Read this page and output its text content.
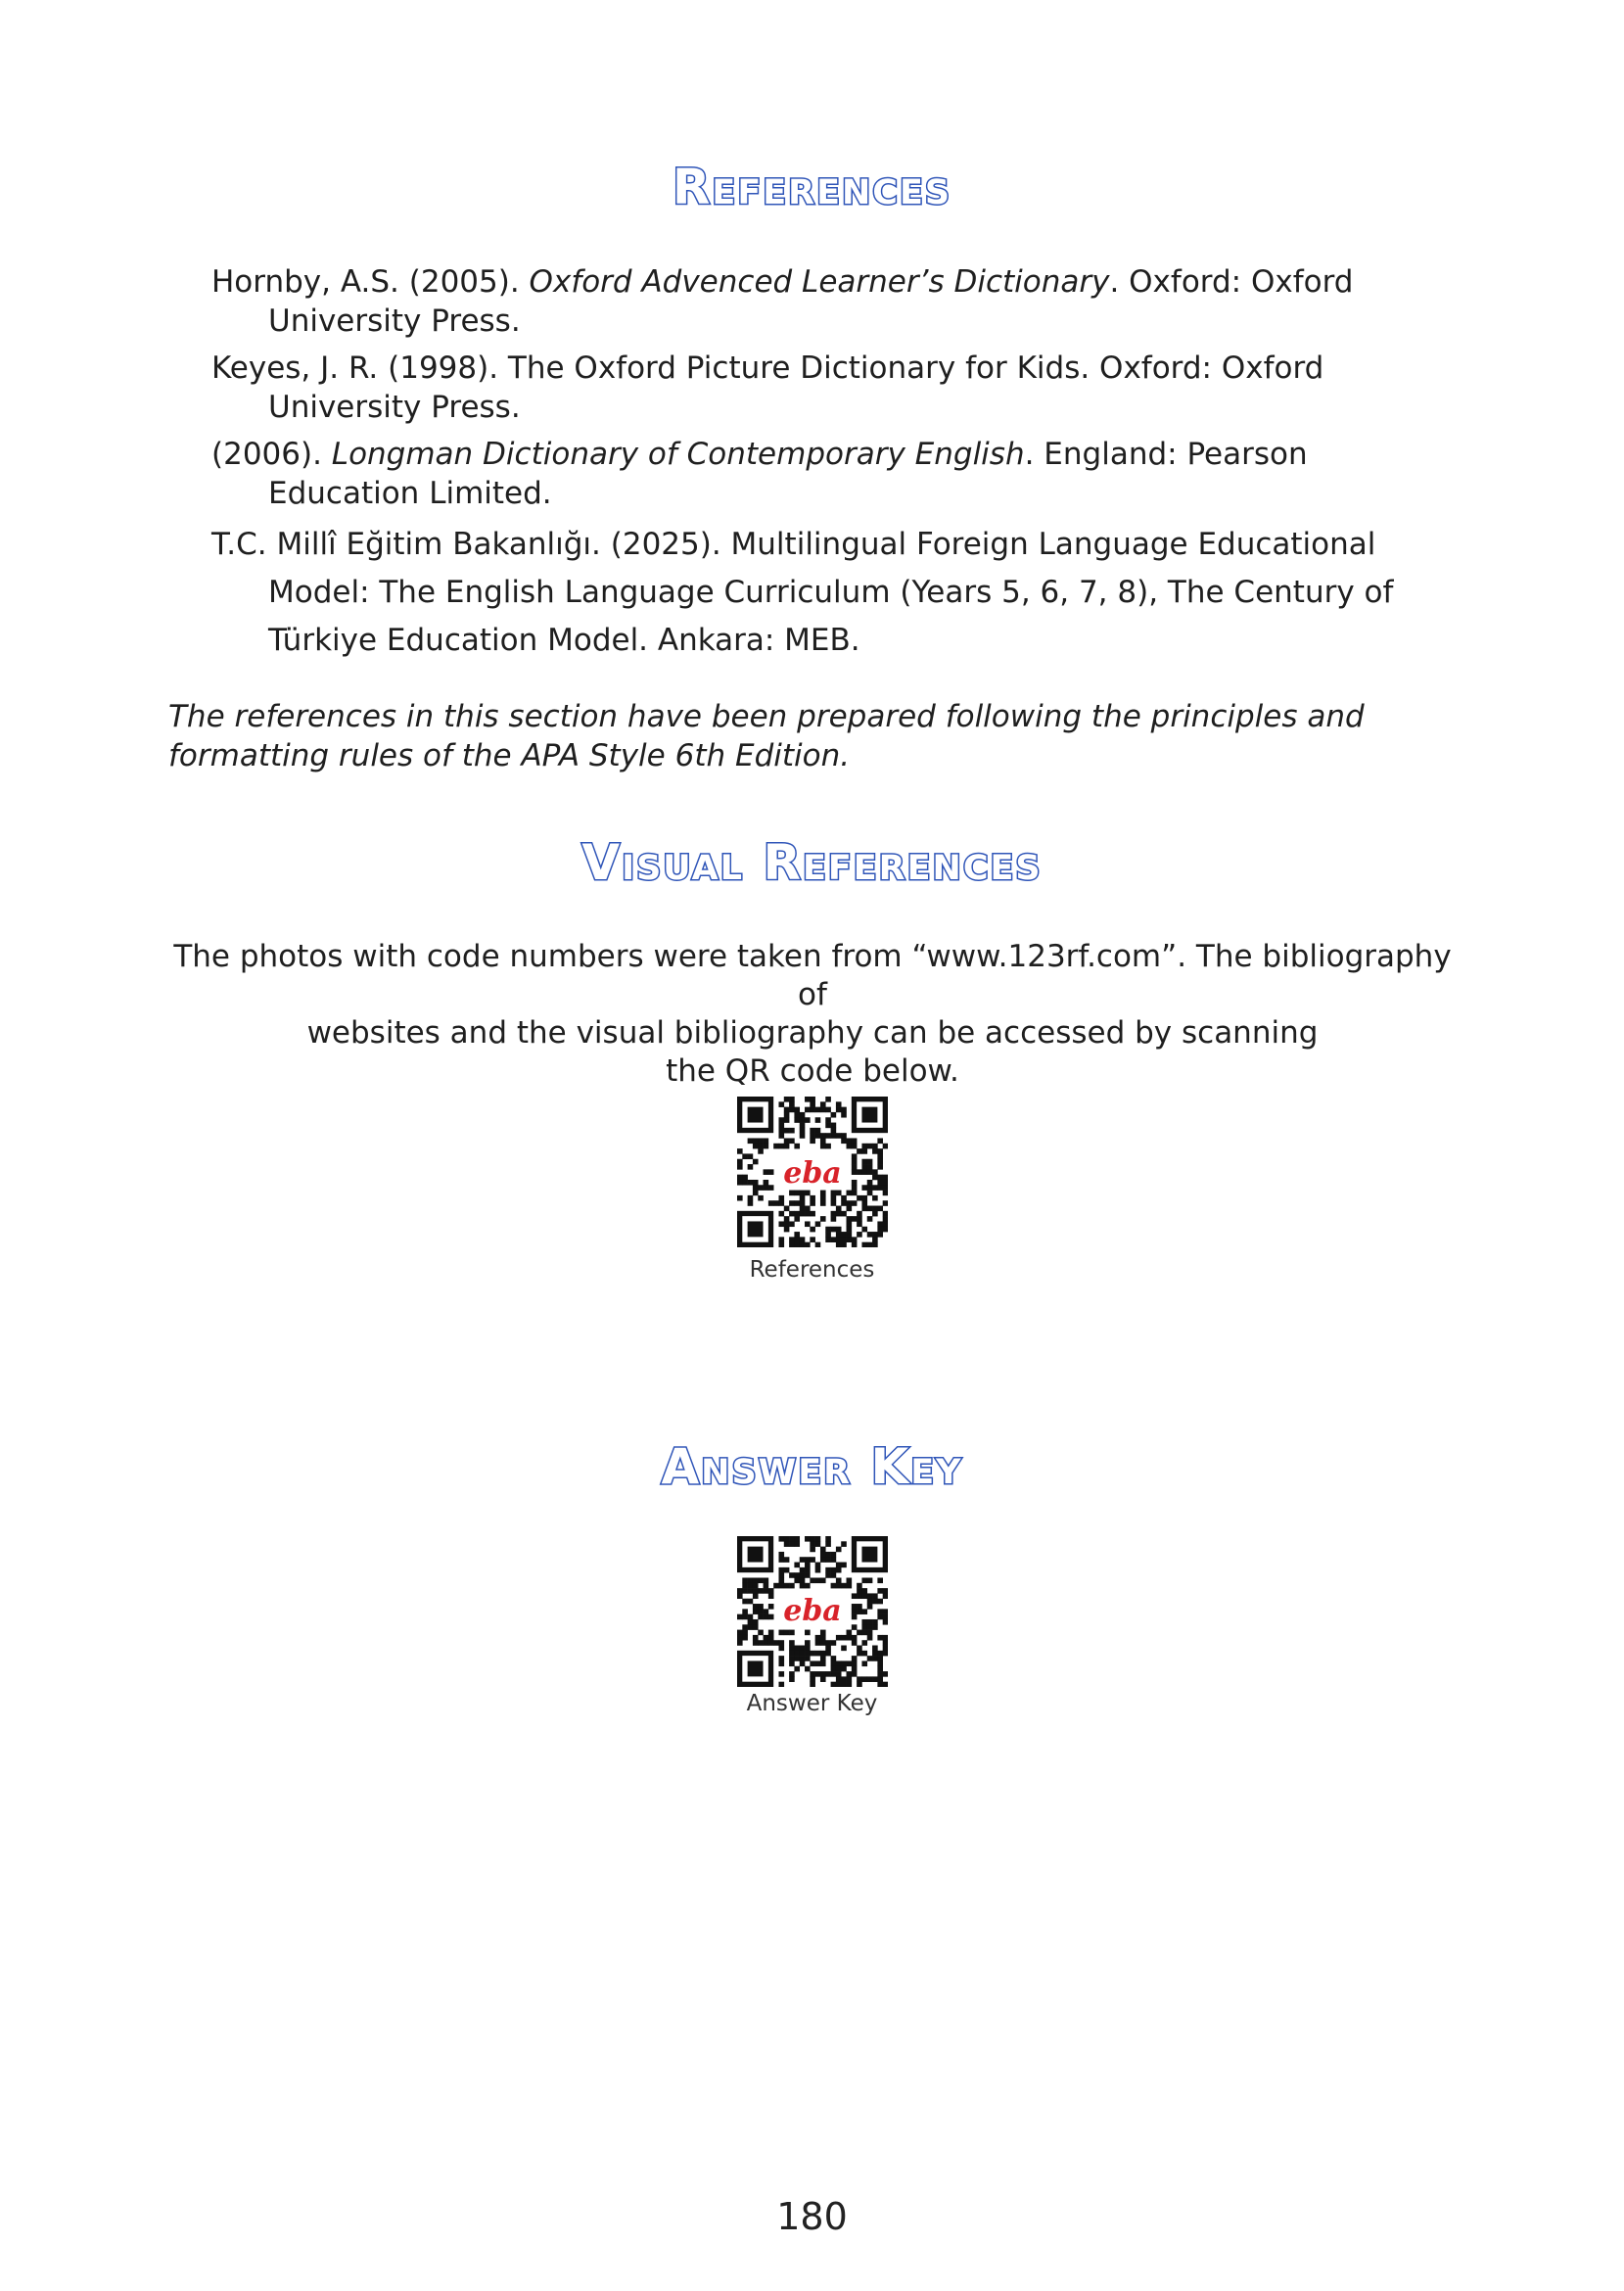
References
Hornby, A.S. (2005). Oxford Advenced Learner’s Dictionary. Oxford: Oxford University Press.
Keyes, J. R. (1998). The Oxford Picture Dictionary for Kids. Oxford: Oxford University Press.
(2006). Longman Dictionary of Contemporary English. England: Pearson Education Limited.
T.C. Millî Eğitim Bakanlığı. (2025). Multilingual Foreign Language Educational Model: The English Language Curriculum (Years 5, 6, 7, 8), The Century of Türkiye Education Model. Ankara: MEB.
The references in this section have been prepared following the principles and formatting rules of the APA Style 6th Edition.
Visual References
The photos with code numbers were taken from “www.123rf.com”. The bibliography of
websites and the visual bibliography can be accessed by scanning
the QR code below.
eba
References
Answer Key
eba
Answer Key
180
